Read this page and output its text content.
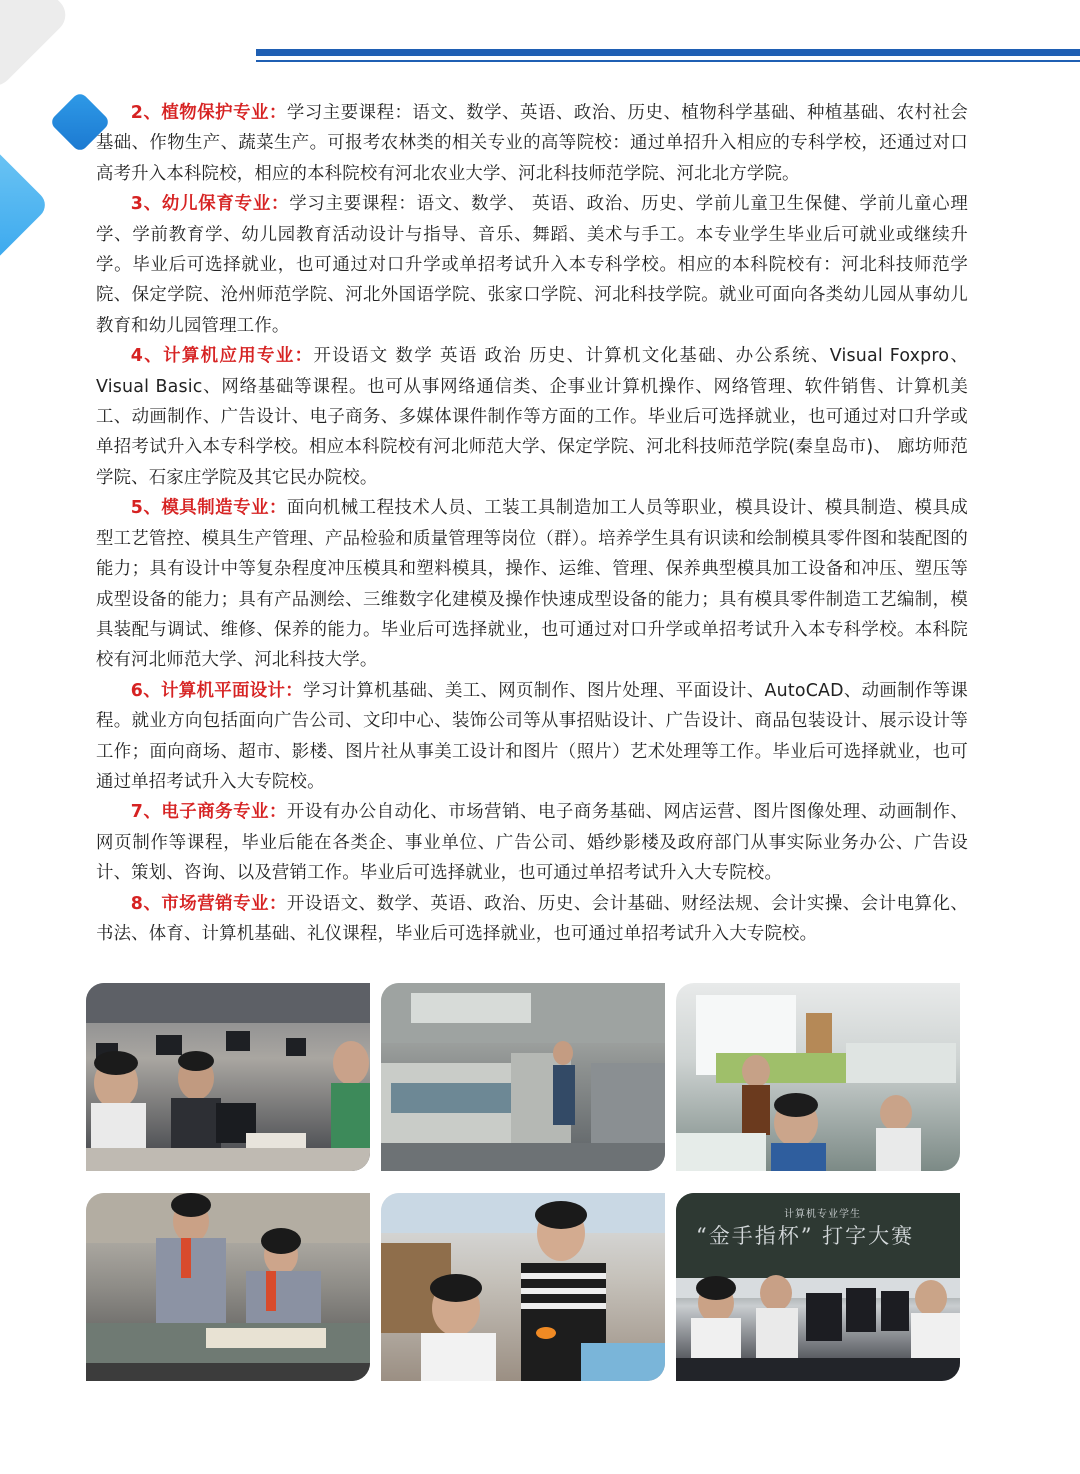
2、植物保护专业：学习主要课程：语文、数学、英语、政治、历史、植物科学基础、种植基础、农村社会基础、作物生产、蔬菜生产。可报考农林类的相关专业的高等院校：通过单招升入相应的专科学校，还通过对口高考升入本科院校，相应的本科院校有河北农业大学、河北科技师范学院、河北北方学院。

3、幼儿保育专业：学习主要课程：语文、数学、 英语、政治、历史、学前儿童卫生保健、学前儿童心理学、学前教育学、幼儿园教育活动设计与指导、音乐、舞蹈、美术与手工。本专业学生毕业后可就业或继续升学。毕业后可选择就业，也可通过对口升学或单招考试升入本专科学校。相应的本科院校有：河北科技师范学院、保定学院、沧州师范学院、河北外国语学院、张家口学院、河北科技学院。就业可面向各类幼儿园从事幼儿教育和幼儿园管理工作。

4、计算机应用专业：开设语文 数学 英语 政治 历史、计算机文化基础、办公系统、Visual Foxpro、Visual Basic、网络基础等课程。也可从事网络通信类、企事业计算机操作、网络管理、软件销售、计算机美工、动画制作、广告设计、电子商务、多媒体课件制作等方面的工作。毕业后可选择就业，也可通过对口升学或单招考试升入本专科学校。相应本科院校有河北师范大学、保定学院、河北科技师范学院(秦皇岛市)、 廊坊师范学院、石家庄学院及其它民办院校。

5、模具制造专业：面向机械工程技术人员、工装工具制造加工人员等职业，模具设计、模具制造、模具成型工艺管控、模具生产管理、产品检验和质量管理等岗位（群）。培养学生具有识读和绘制模具零件图和装配图的能力；具有设计中等复杂程度冲压模具和塑料模具，操作、运维、管理、保养典型模具加工设备和冲压、塑压等成型设备的能力；具有产品测绘、三维数字化建模及操作快速成型设备的能力；具有模具零件制造工艺编制，模具装配与调试、维修、保养的能力。毕业后可选择就业，也可通过对口升学或单招考试升入本专科学校。本科院校有河北师范大学、河北科技大学。

6、计算机平面设计：学习计算机基础、美工、网页制作、图片处理、平面设计、AutoCAD、动画制作等课程。就业方向包括面向广告公司、文印中心、装饰公司等从事招贴设计、广告设计、商品包装设计、展示设计等工作；面向商场、超市、影楼、图片社从事美工设计和图片（照片）艺术处理等工作。毕业后可选择就业，也可通过单招考试升入大专院校。

7、电子商务专业：开设有办公自动化、市场营销、电子商务基础、网店运营、图片图像处理、动画制作、网页制作等课程，毕业后能在各类企、事业单位、广告公司、婚纱影楼及政府部门从事实际业务办公、广告设计、策划、咨询、以及营销工作。毕业后可选择就业，也可通过单招考试升入大专院校。

8、市场营销专业：开设语文、数学、英语、政治、历史、会计基础、财经法规、会计实操、会计电算化、书法、体育、计算机基础、礼仪课程，毕业后可选择就业，也可通过单招考试升入大专院校。

计算机专业学生
“金手指杯” 打字大赛
